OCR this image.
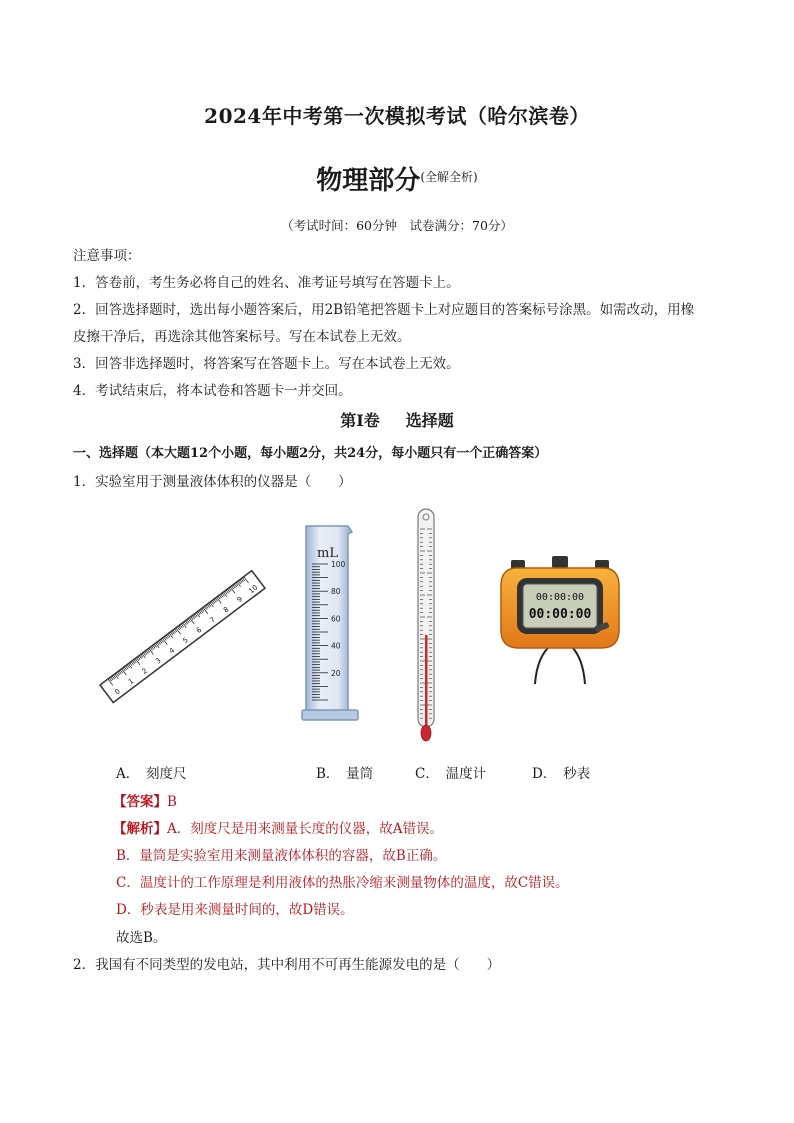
2024年中考第一次模拟考试（哈尔滨卷）
物理部分$^{(全解全析)}$
（考试时间：60分钟　试卷满分：70分）
注意事项：
1．答卷前，考生务必将自己的姓名、准考证号填写在答题卡上。
2．回答选择题时，选出每小题答案后，用2B铅笔把答题卡上对应题目的答案标号涂黑。如需改动，用橡
皮擦干净后，再选涂其他答案标号。写在本试卷上无效。
3．回答非选择题时，将答案写在答题卡上。写在本试卷上无效。
4．考试结束后，将本试卷和答题卡一并交回。
第Ⅰ卷 选择题
一、选择题（本大题12个小题，每小题2分，共24分，每小题只有一个正确答案）
1．实验室用于测量液体体积的仪器是（　　）
0
1
2
3
4
5
6
7
8
9
10
mL
100
80
60
40
20
00:00:00
00:00:00
A．　刻度尺	B．　量筒	C．　温度计	D．　秒表
【答案】B
【解析】A．刻度尺是用来测量长度的仪器，故A错误。
B．量筒是实验室用来测量液体体积的容器，故B正确。
C．温度计的工作原理是利用液体的热胀冷缩来测量物体的温度，故C错误。
D．秒表是用来测量时间的，故D错误。
故选B。
2．我国有不同类型的发电站，其中利用不可再生能源发电的是（　　）
